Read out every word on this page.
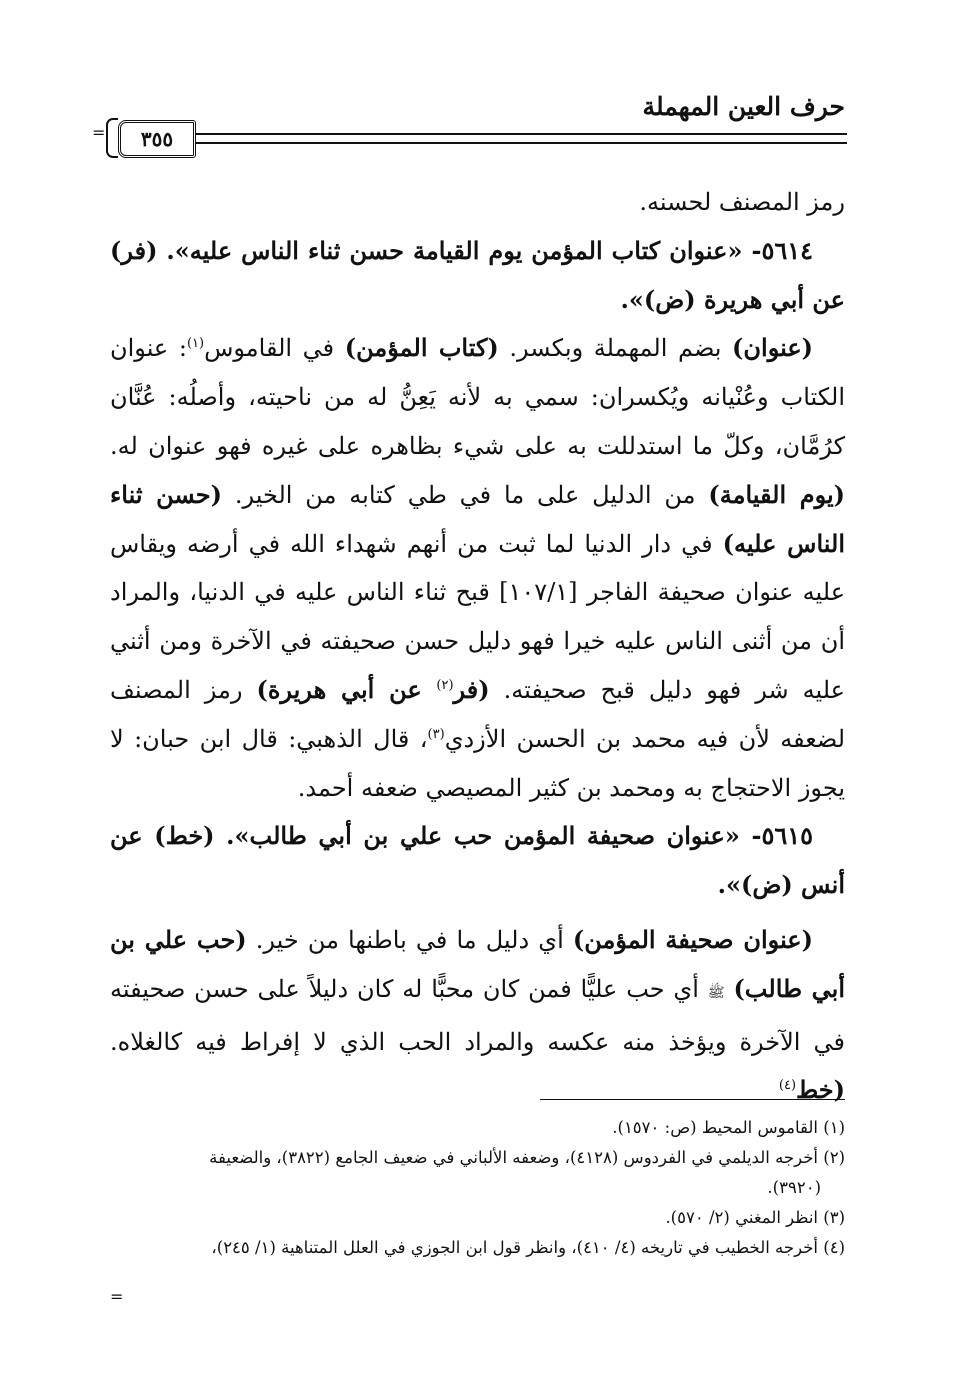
حرف العين المهملة
= ٣٥٥

رمز المصنف لحسنه.

٥٦١٤- «عنوان كتاب المؤمن يوم القيامة حسن ثناء الناس عليه». (فر) عن أبي هريرة (ض)».

(عنوان) بضم المهملة وبكسر. (كتاب المؤمن) في القاموس$^{(١)}$: عنوان الكتاب وعُنْيانه ويُكسران: سمي به لأنه يَعِنُّ له من ناحيته، وأصلُه: عُنَّان كرُمَّان، وكلّ ما استدللت به على شيء بظاهره على غيره فهو عنوان له. (يوم القيامة) من الدليل على ما في طي كتابه من الخير. (حسن ثناء الناس عليه) في دار الدنيا لما ثبت من أنهم شهداء الله في أرضه ويقاس عليه عنوان صحيفة الفاجر [١٠٧/١] قبح ثناء الناس عليه في الدنيا، والمراد أن من أثنى الناس عليه خيرا فهو دليل حسن صحيفته في الآخرة ومن أثني عليه شر فهو دليل قبح صحيفته. (فر$^{(٢)}$ عن أبي هريرة) رمز المصنف لضعفه لأن فيه محمد بن الحسن الأزدي$^{(٣)}$، قال الذهبي: قال ابن حبان: لا يجوز الاحتجاج به ومحمد بن كثير المصيصي ضعفه أحمد.

٥٦١٥- «عنوان صحيفة المؤمن حب علي بن أبي طالب». (خط) عن أنس (ض)».

(عنوان صحيفة المؤمن) أي دليل ما في باطنها من خير. (حب علي بن أبي طالب) ﷺ أي حب عليًّا فمن كان محبًّا له كان دليلاً على حسن صحيفته في الآخرة ويؤخذ منه عكسه والمراد الحب الذي لا إفراط فيه كالغلاه. (خط$^{(٤)}$

(١) القاموس المحيط (ص: ١٥٧٠).

(٢) أخرجه الديلمي في الفردوس (٤١٢٨)، وضعفه الألباني في ضعيف الجامع (٣٨٢٢)، والضعيفة

(٣٩٢٠).

(٣) انظر المغني (٢/ ٥٧٠).

(٤) أخرجه الخطيب في تاريخه (٤/ ٤١٠)، وانظر قول ابن الجوزي في العلل المتناهية (١/ ٢٤٥)،

=
